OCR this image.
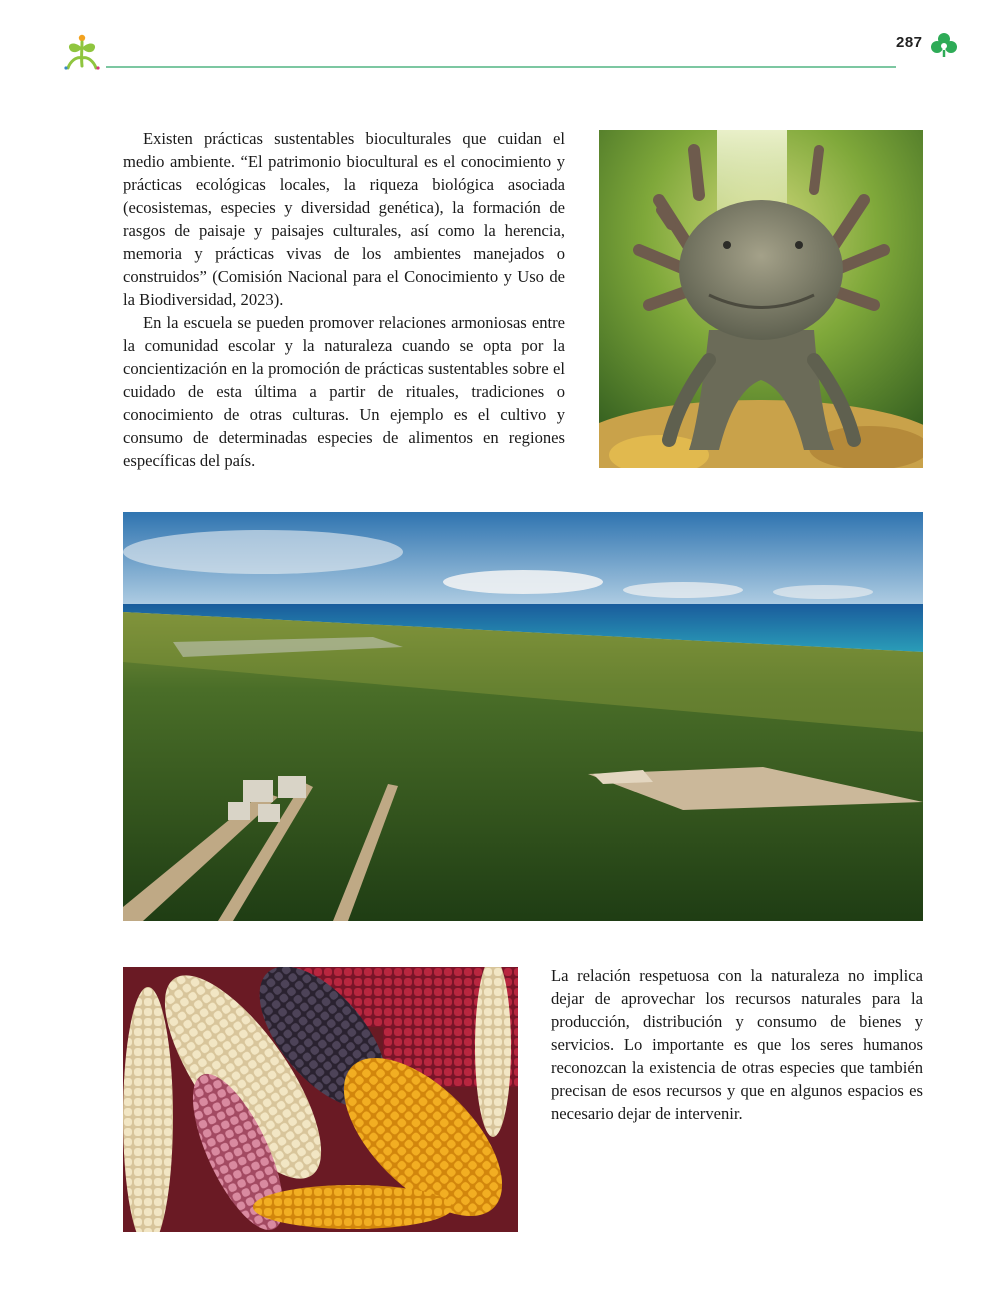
287

Existen prácticas sustentables bioculturales que cuidan el medio ambiente. “El patrimonio biocultural es el conocimiento y prácticas ecológicas locales, la riqueza biológica asociada (ecosistemas, especies y diversidad genética), la formación de rasgos de paisaje y paisajes culturales, así como la herencia, memoria y prácticas vivas de los ambientes manejados o construidos” (Comisión Nacional para el Conocimiento y Uso de la Biodiversidad, 2023).

En la escuela se pueden promover relaciones armoniosas entre la comunidad escolar y la naturaleza cuando se opta por la concientización en la promoción de prácticas sustentables sobre el cuidado de esta última a partir de rituales, tradiciones o conocimiento de otras culturas. Un ejemplo es el cultivo y consumo de determinadas especies de alimentos en regiones específicas del país.

La relación respetuosa con la naturaleza no implica dejar de aprovechar los recursos naturales para la producción, distribución y consumo de bienes y servicios. Lo importante es que los seres humanos reconozcan la existencia de otras especies que también precisan de esos recursos y que en algunos espacios es necesario dejar de intervenir.
